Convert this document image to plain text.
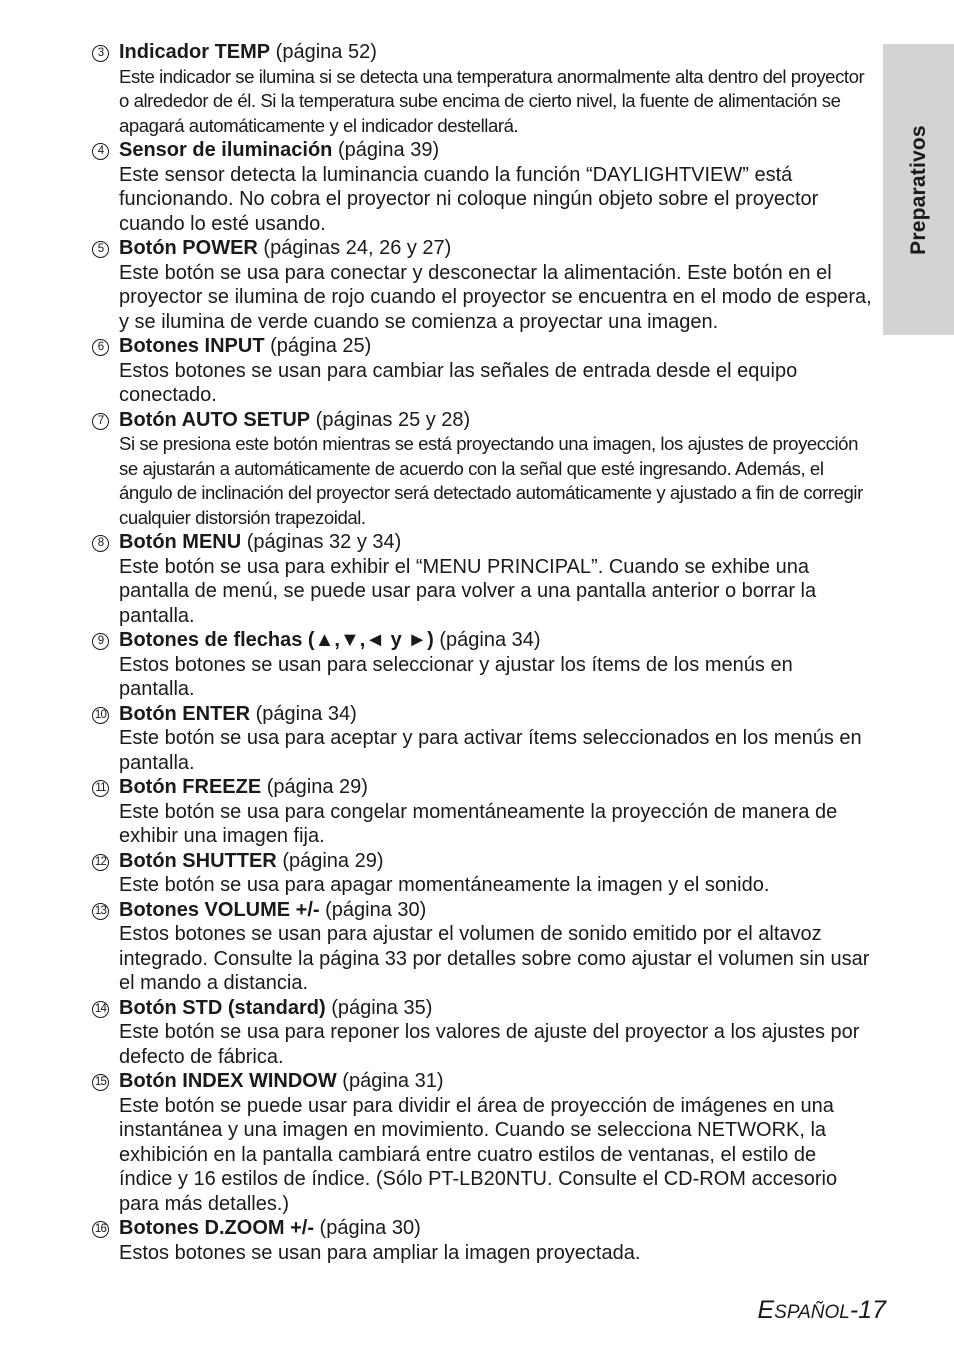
Preparativos
3 Indicador TEMP (página 52)
Este indicador se ilumina si se detecta una temperatura anormalmente alta dentro del proyector o alrededor de él. Si la temperatura sube encima de cierto nivel, la fuente de alimentación se apagará automáticamente y el indicador destellará.
4 Sensor de iluminación (página 39)
Este sensor detecta la luminancia cuando la función “DAYLIGHTVIEW” está funcionando. No cobra el proyector ni coloque ningún objeto sobre el proyector cuando lo esté usando.
5 Botón POWER (páginas 24, 26 y 27)
Este botón se usa para conectar y desconectar la alimentación. Este botón en el proyector se ilumina de rojo cuando el proyector se encuentra en el modo de espera, y se ilumina de verde cuando se comienza a proyectar una imagen.
6 Botones INPUT (página 25)
Estos botones se usan para cambiar las señales de entrada desde el equipo conectado.
7 Botón AUTO SETUP (páginas 25 y 28)
Si se presiona este botón mientras se está proyectando una imagen, los ajustes de proyección se ajustarán a automáticamente de acuerdo con la señal que esté ingresando. Además, el ángulo de inclinación del proyector será detectado automáticamente y ajustado a fin de corregir cualquier distorsión trapezoidal.
8 Botón MENU (páginas 32 y 34)
Este botón se usa para exhibir el “MENU PRINCIPAL”. Cuando se exhibe una pantalla de menú, se puede usar para volver a una pantalla anterior o borrar la pantalla.
9 Botones de flechas (▲,▼,◄ y ►) (página 34)
Estos botones se usan para seleccionar y ajustar los ítems de los menús en pantalla.
10 Botón ENTER (página 34)
Este botón se usa para aceptar y para activar ítems seleccionados en los menús en pantalla.
11 Botón FREEZE (página 29)
Este botón se usa para congelar momentáneamente la proyección de manera de exhibir una imagen fija.
12 Botón SHUTTER (página 29)
Este botón se usa para apagar momentáneamente la imagen y el sonido.
13 Botones VOLUME +/- (página 30)
Estos botones se usan para ajustar el volumen de sonido emitido por el altavoz integrado. Consulte la página 33 por detalles sobre como ajustar el volumen sin usar el mando a distancia.
14 Botón STD (standard) (página 35)
Este botón se usa para reponer los valores de ajuste del proyector a los ajustes por defecto de fábrica.
15 Botón INDEX WINDOW (página 31)
Este botón se puede usar para dividir el área de proyección de imágenes en una instantánea y una imagen en movimiento. Cuando se selecciona NETWORK, la exhibición en la pantalla cambiará entre cuatro estilos de ventanas, el estilo de índice y 16 estilos de índice. (Sólo PT-LB20NTU. Consulte el CD-ROM accesorio para más detalles.)
16 Botones D.ZOOM +/- (página 30)
Estos botones se usan para ampliar la imagen proyectada.
ESPAÑOL-17
